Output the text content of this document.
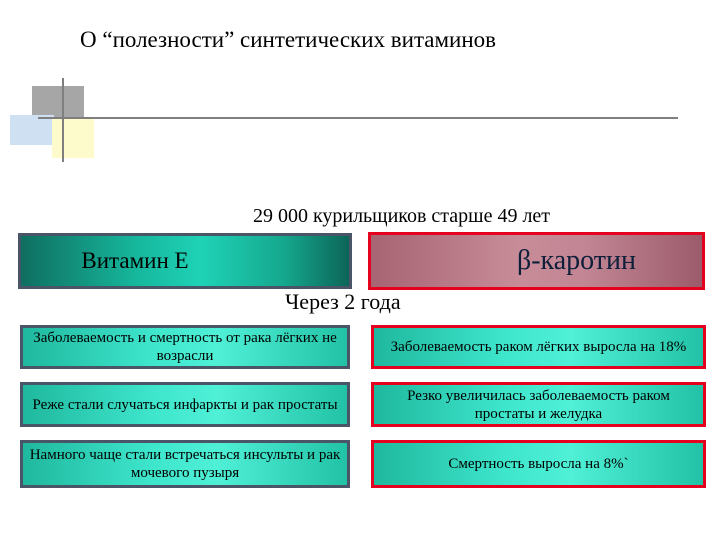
О “полезности” синтетических витаминов
29 000 курильщиков старше 49 лет
Витамин Е	β-каротин
Через 2 года
Заболеваемость и смертность от рака лёгких не возрасли
Заболеваемость раком лёгких выросла на 18%
Реже стали случаться инфаркты и рак простаты
Резко увеличилась заболеваемость раком простаты и желудка
Намного чаще стали встречаться инсульты и рак мочевого пузыря
Смертность выросла на 8%`
